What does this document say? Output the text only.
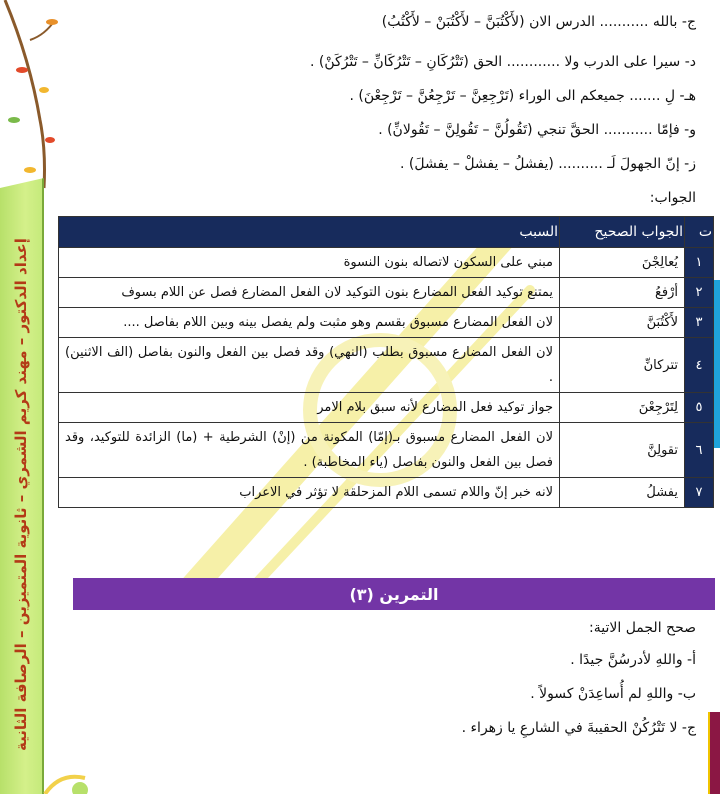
إعداد الدكتور – مهند كريم الشمري – ثانوية المتميزين – الرصافة الثانية
ج- بالله ........... الدرس الان (لأَكْتُبَنَّ – لأَكْتُبَنْ – لأَكْتُبُ)
د- سيرا على الدرب ولا ............ الحق (تَتْرُكَانِ – تَتْرُكَانِّ – تَتْرُكَنْ) .
هـ- لِ ....... جميعكم الى الوراء (تَرْجِعِنَّ – تَرْجِعُنَّ – تَرْجِعْنَ) .
و- فإمّا ........... الحقَّ تنجي (تَقُولُنَّ – تَقُولِنَّ – تَقُولانِّ) .
ز- إنّ الجهولَ لَـ .......... (يفشلُ – يفشلْ – يفشلَ) .
الجواب:
ت	الجواب الصحيح	السبب
١	يُعالِجْنَ	مبني على السكون لاتصاله بنون النسوة
٢	أرْفعُ	يمتنع توكيد الفعل المضارع بنون التوكيد لان الفعل المضارع فصل عن اللام بسوف
٣	لأَكْتُبَنَّ	لان الفعل المضارع مسبوق بقسم وهو مثبت ولم يفصل بينه وبين اللام بفاصل ....
٤	تتركانِّ	لان الفعل المضارع مسبوق بطلب (النهي) وقد فصل بين الفعل والنون بفاصل (الف الاثنين) .
٥	لِتَرْجِعْنَ	جواز توكيد فعل المضارع لأنه سبق بلام الامر
٦	تقولِنَّ	لان الفعل المضارع مسبوق بـ(إمّا) المكونة من (إنْ) الشرطية + (ما) الزائدة للتوكيد، وقد فصل بين الفعل والنون بفاصل (ياء المخاطبة) .
٧	يفشلُ	لانه خبر إنّ واللام تسمى اللام المزحلقة لا تؤثر في الاعراب
التمرين (٣)
صحح الجمل الاتية:
أ- واللهِ لأدرسُنَّ جيدًا .
ب- واللهِ لم أُساعِدَنْ كسولاً .
ج- لا تَتْرُكُنْ الحقيبةَ في الشارعِ يا زهراء .
